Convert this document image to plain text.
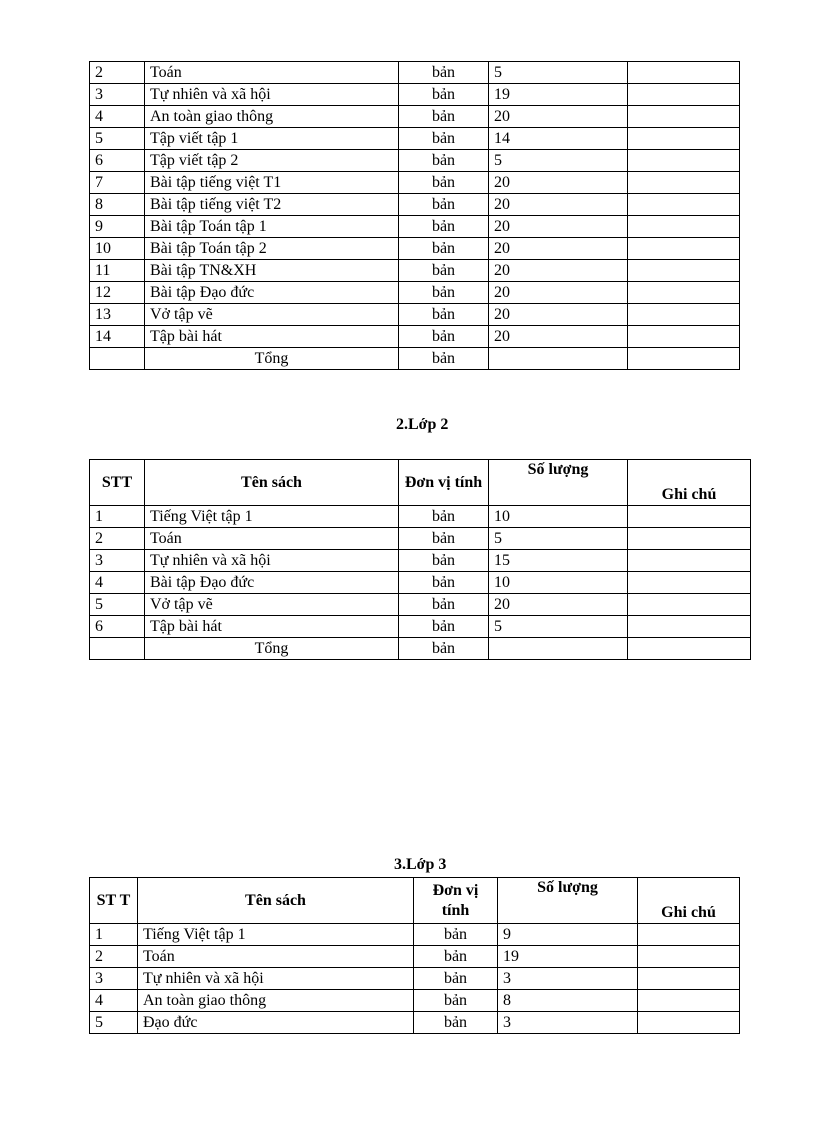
2	Toán	bản	5	
3	Tự nhiên và xã hội	bản	19	
4	An toàn giao thông	bản	20	
5	Tập viết tập 1	bản	14	
6	Tập viết tập 2	bản	5	
7	Bài tập tiếng việt T1	bản	20	
8	Bài tập tiếng việt T2	bản	20	
9	Bài tập Toán tập 1	bản	20	
10	Bài tập Toán tập 2	bản	20	
11	Bài tập TN&XH	bản	20	
12	Bài tập Đạo đức	bản	20	
13	Vở tập vẽ	bản	20	
14	Tập bài hát	bản	20	
	Tổng	bản		
2.Lớp 2
STT	Tên sách	Đơn vị tính	Số lượng	Ghi chú
1	Tiếng Việt tập 1	bản	10	
2	Toán	bản	5	
3	Tự nhiên và xã hội	bản	15	
4	Bài tập Đạo đức	bản	10	
5	Vở tập vẽ	bản	20	
6	Tập bài hát	bản	5	
	Tổng	bản		
3.Lớp 3
ST T	Tên sách	Đơn vị tính	Số lượng	Ghi chú
1	Tiếng Việt tập 1	bản	9	
2	Toán	bản	19	
3	Tự nhiên và xã hội	bản	3	
4	An toàn giao thông	bản	8	
5	Đạo đức	bản	3	
